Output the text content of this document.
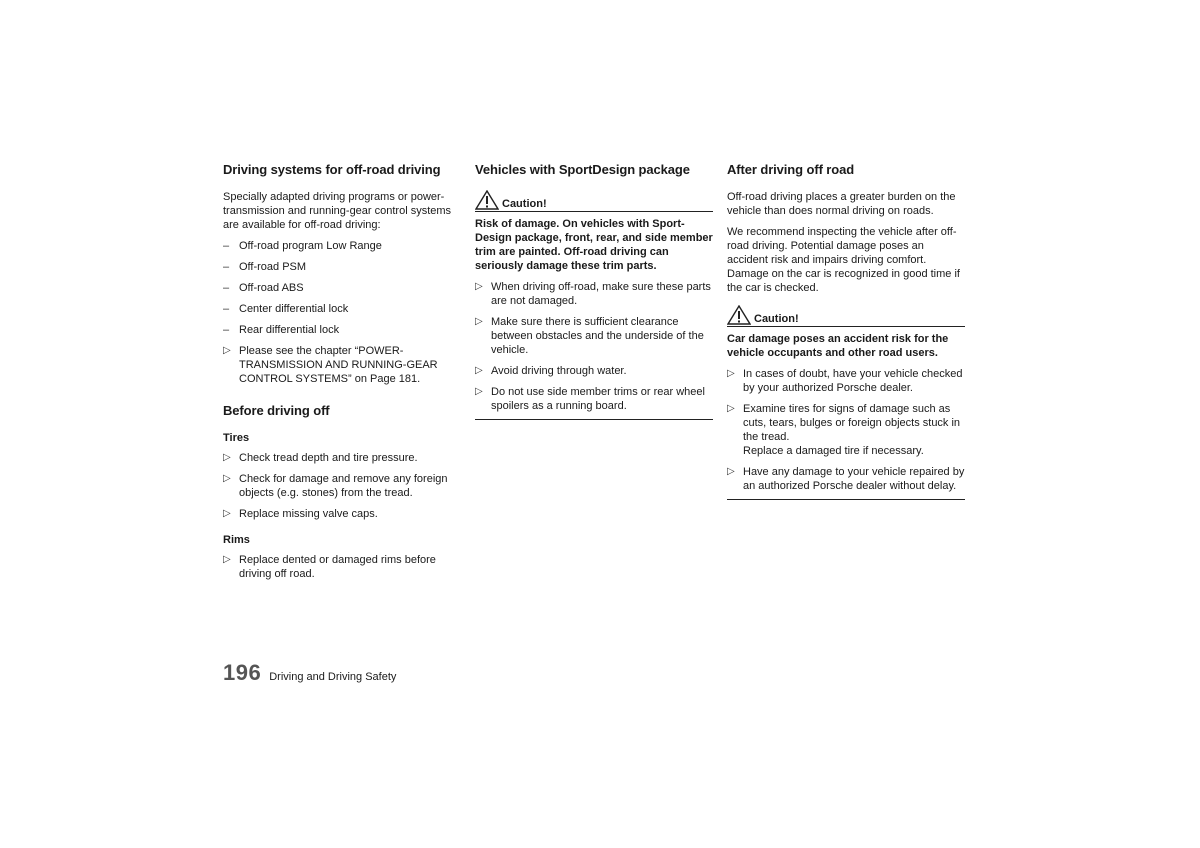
Driving systems for off-road driving

Specially adapted driving programs or power-transmission and running-gear control systems are available for off-road driving:

– Off-road program Low Range
– Off-road PSM
– Off-road ABS
– Center differential lock
– Rear differential lock
▷ Please see the chapter “POWER-TRANSMISSION AND RUNNING-GEAR CONTROL SYSTEMS” on Page 181.
Before driving off
Tires
▷ Check tread depth and tire pressure.
▷ Check for damage and remove any foreign objects (e.g. stones) from the tread.
▷ Replace missing valve caps.
Rims
▷ Replace dented or damaged rims before driving off road.
Vehicles with SportDesign package
Caution!

Risk of damage. On vehicles with Sport-Design package, front, rear, and side member trim are painted. Off-road driving can seriously damage these trim parts.

▷ When driving off-road, make sure these parts are not damaged.
▷ Make sure there is sufficient clearance between obstacles and the underside of the vehicle.
▷ Avoid driving through water.
▷ Do not use side member trims or rear wheel spoilers as a running board.
After driving off road

Off-road driving places a greater burden on the vehicle than does normal driving on roads.

We recommend inspecting the vehicle after off-road driving. Potential damage poses an accident risk and impairs driving comfort. Damage on the car is recognized in good time if the car is checked.

Caution!

Car damage poses an accident risk for the vehicle occupants and other road users.

▷ In cases of doubt, have your vehicle checked by your authorized Porsche dealer.
▷ Examine tires for signs of damage such as cuts, tears, bulges or foreign objects stuck in the tread.
Replace a damaged tire if necessary.
▷ Have any damage to your vehicle repaired by an authorized Porsche dealer without delay.
196 Driving and Driving Safety
